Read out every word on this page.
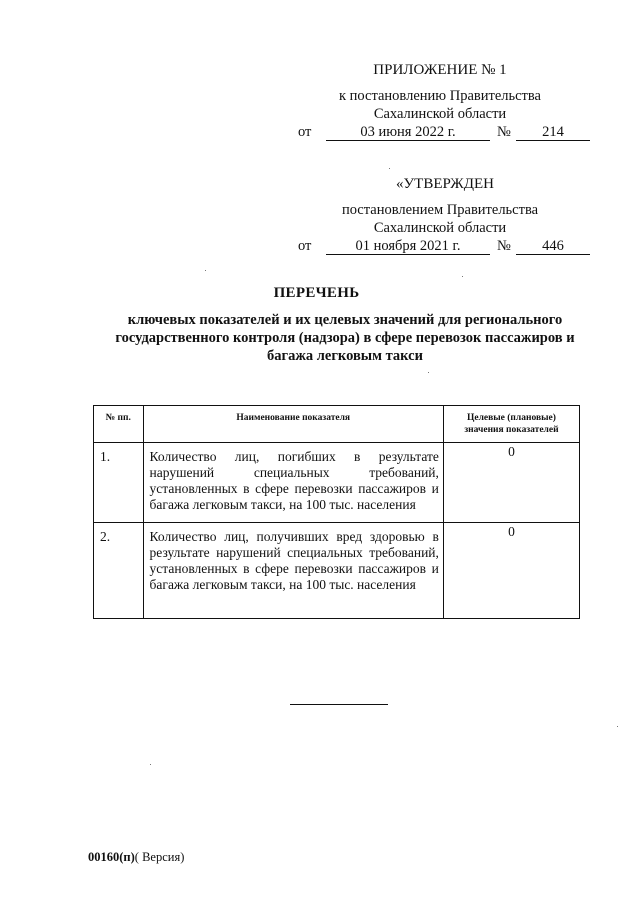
ПРИЛОЖЕНИЕ № 1
к постановлению Правительства
Сахалинской области
от	03 июня 2022 г.	№	214
«УТВЕРЖДЕН
постановлением Правительства
Сахалинской области
от	01 ноября 2021 г.	№	446
ПЕРЕЧЕНЬ
ключевых показателей и их целевых значений для регионального государственного контроля (надзора) в сфере перевозок пассажиров и багажа легковым такси
№ пп.	Наименование показателя	Целевые (плановые) значения показателей
1.	Количество лиц, погибших в результате нарушений специальных требований, установленных в сфере перевозки пассажиров и багажа легковым такси, на 100 тыс. населения	0
2.	Количество лиц, получивших вред здоровью в результате нарушений специальных требований, установленных в сфере перевозки пассажиров и багажа легковым такси, на 100 тыс. населения	0
00160(п)( Версия)
